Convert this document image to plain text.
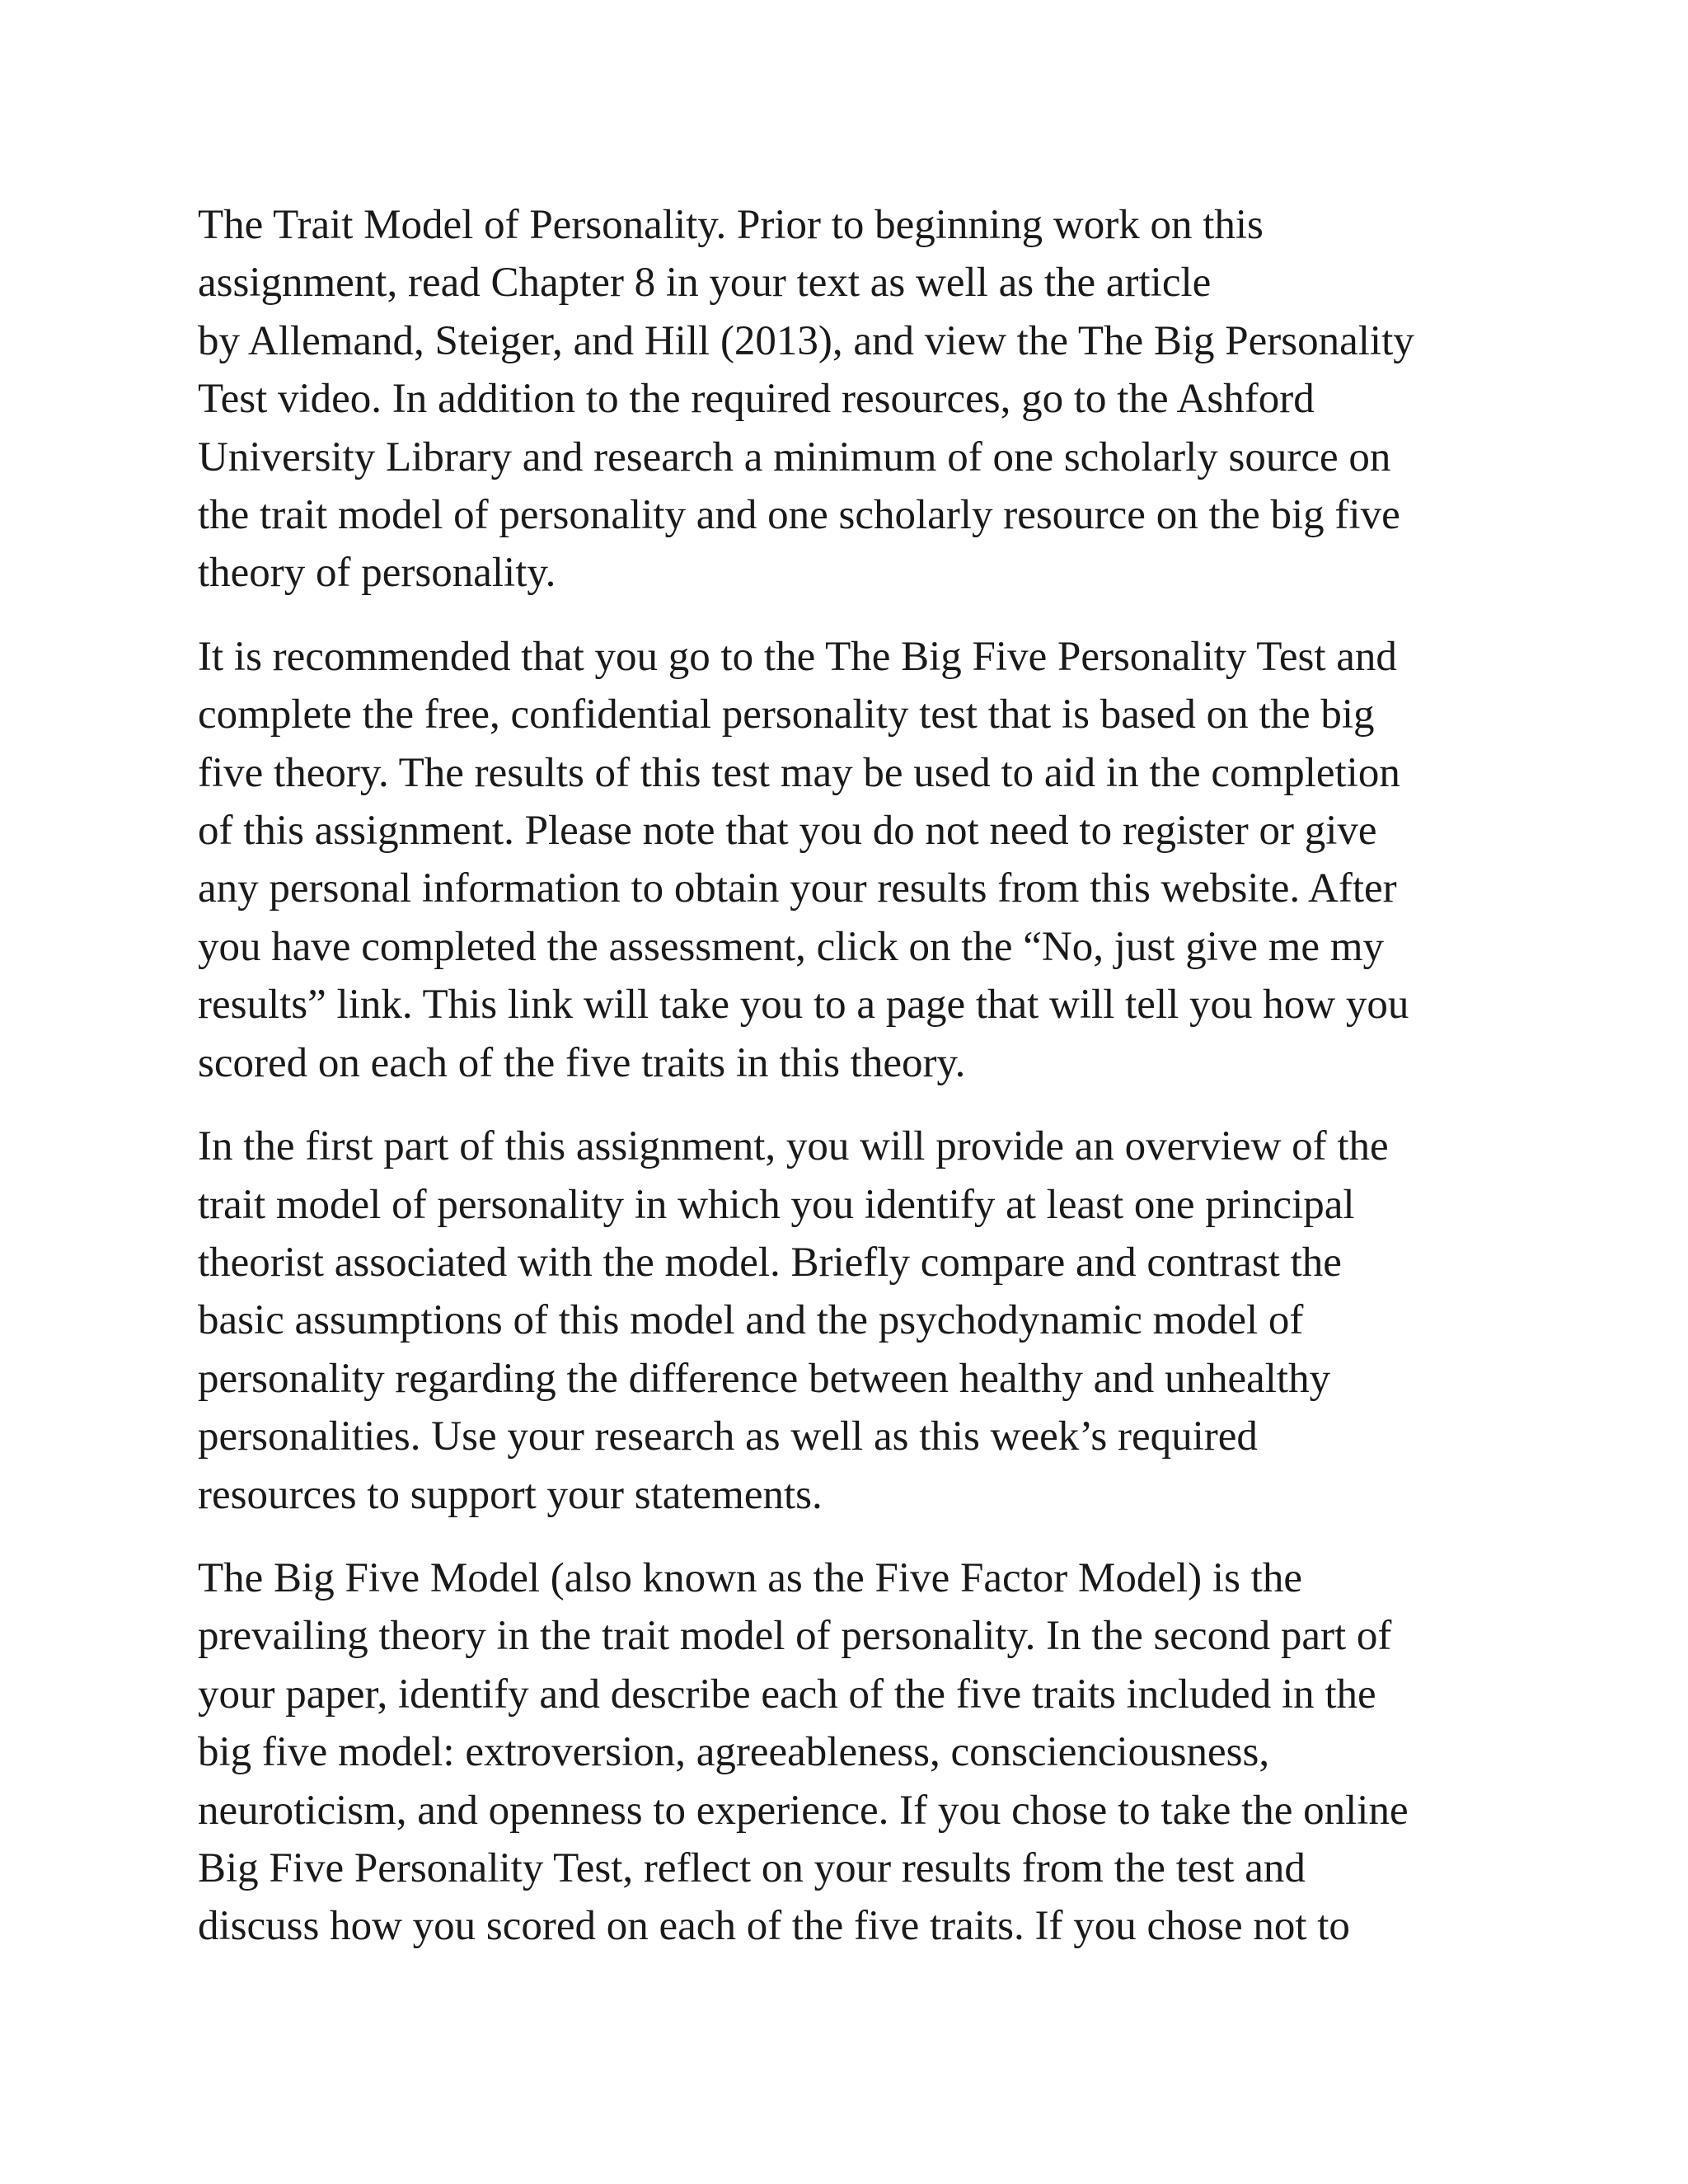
The Trait Model of Personality. Prior to beginning work on this
assignment, read Chapter 8 in your text as well as the article
by Allemand, Steiger, and Hill (2013), and view the The Big Personality
Test video. In addition to the required resources, go to the Ashford
University Library and research a minimum of one scholarly source on
the trait model of personality and one scholarly resource on the big five
theory of personality.

It is recommended that you go to the The Big Five Personality Test and
complete the free, confidential personality test that is based on the big
five theory. The results of this test may be used to aid in the completion
of this assignment. Please note that you do not need to register or give
any personal information to obtain your results from this website. After
you have completed the assessment, click on the “No, just give me my
results” link. This link will take you to a page that will tell you how you
scored on each of the five traits in this theory.

In the first part of this assignment, you will provide an overview of the
trait model of personality in which you identify at least one principal
theorist associated with the model. Briefly compare and contrast the
basic assumptions of this model and the psychodynamic model of
personality regarding the difference between healthy and unhealthy
personalities. Use your research as well as this week’s required
resources to support your statements.

The Big Five Model (also known as the Five Factor Model) is the
prevailing theory in the trait model of personality. In the second part of
your paper, identify and describe each of the five traits included in the
big five model: extroversion, agreeableness, conscienciousness,
neuroticism, and openness to experience. If you chose to take the online
Big Five Personality Test, reflect on your results from the test and
discuss how you scored on each of the five traits. If you chose not to
